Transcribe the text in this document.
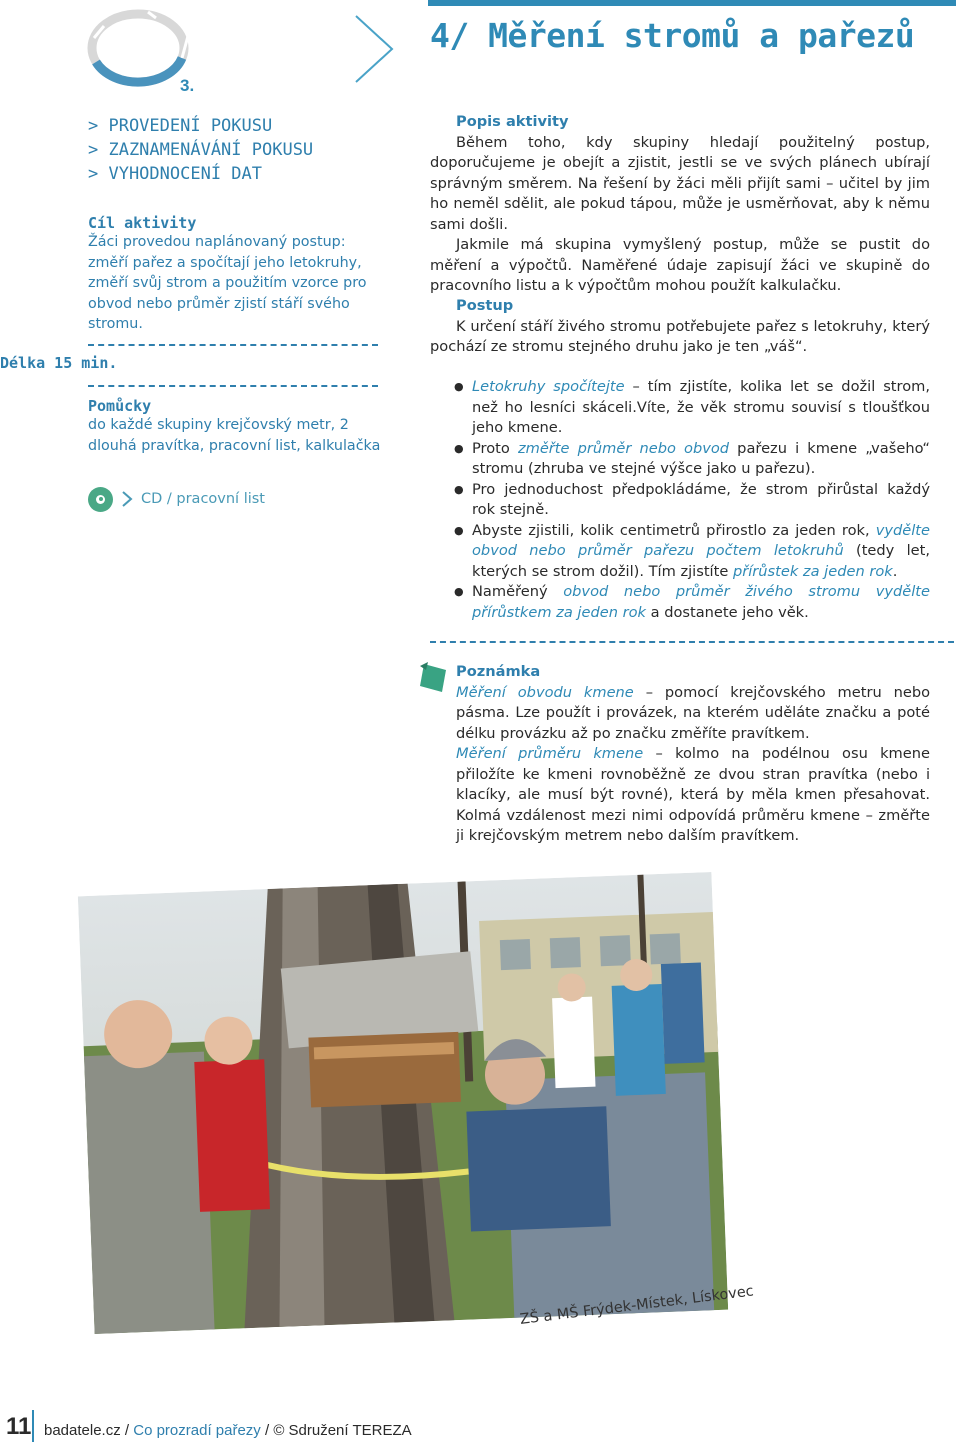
3.
4/ Měření stromů a pařezů
> PROVEDENÍ POKUSU
> ZAZNAMENÁVÁNÍ POKUSU
> VYHODNOCENÍ DAT
Cíl aktivity
Žáci provedou naplánovaný postup: změří pařez a spočítají jeho letokruhy, změří svůj strom a použitím vzorce pro obvod nebo průměr zjistí stáří svého stromu.
Délka 15 min.
Pomůcky
do každé skupiny krejčovský metr, 2 dlouhá pravítka, pracovní list, kalkulačka
CD / pracovní list
Popis aktivity
Během toho, kdy skupiny hledají použitelný postup, doporučujeme je obejít a zjistit, jestli se ve svých plánech ubírají správným směrem. Na řešení by žáci měli přijít sami – učitel by jim ho neměl sdělit, ale pokud tápou, může je usměrňovat, aby k němu sami došli.
Jakmile má skupina vymyšlený postup, může se pustit do měření a výpočtů. Naměřené údaje zapisují žáci ve skupině do pracovního listu a k výpočtům mohou použít kalkulačku.
Postup
K určení stáří živého stromu potřebujete pařez s letokruhy, který pochází ze stromu stejného druhu jako je ten „váš“.
● Letokruhy spočítejte – tím zjistíte, kolika let se dožil strom, než ho lesníci skáceli.Víte, že věk stromu souvisí s tloušťkou jeho kmene.
● Proto změřte průměr nebo obvod pařezu i kmene „vašeho“ stromu (zhruba ve stejné výšce jako u pařezu).
● Pro jednoduchost předpokládáme, že strom přirůstal každý rok stejně.
● Abyste zjistili, kolik centimetrů přirostlo za jeden rok, vydělte obvod nebo průměr pařezu počtem letokruhů (tedy let, kterých se strom dožil). Tím zjistíte přírůstek za jeden rok.
● Naměřený obvod nebo průměr živého stromu vydělte přírůstkem za jeden rok a dostanete jeho věk.
Poznámka
Měření obvodu kmene – pomocí krejčovského metru nebo pásma. Lze použít i provázek, na kterém uděláte značku a poté délku provázku až po značku změříte pravítkem.
Měření průměru kmene – kolmo na podélnou osu kmene přiložíte ke kmeni rovnoběžně ze dvou stran pravítka (nebo i klacíky, ale musí být rovné), která by měla kmen přesahovat. Kolmá vzdálenost mezi nimi odpovídá průměru kmene – změřte ji krejčovským metrem nebo dalším pravítkem.
ZŠ a MŠ Frýdek-Místek, Lískovec
11 badatele.cz / Co prozradí pařezy / © Sdružení TEREZA
